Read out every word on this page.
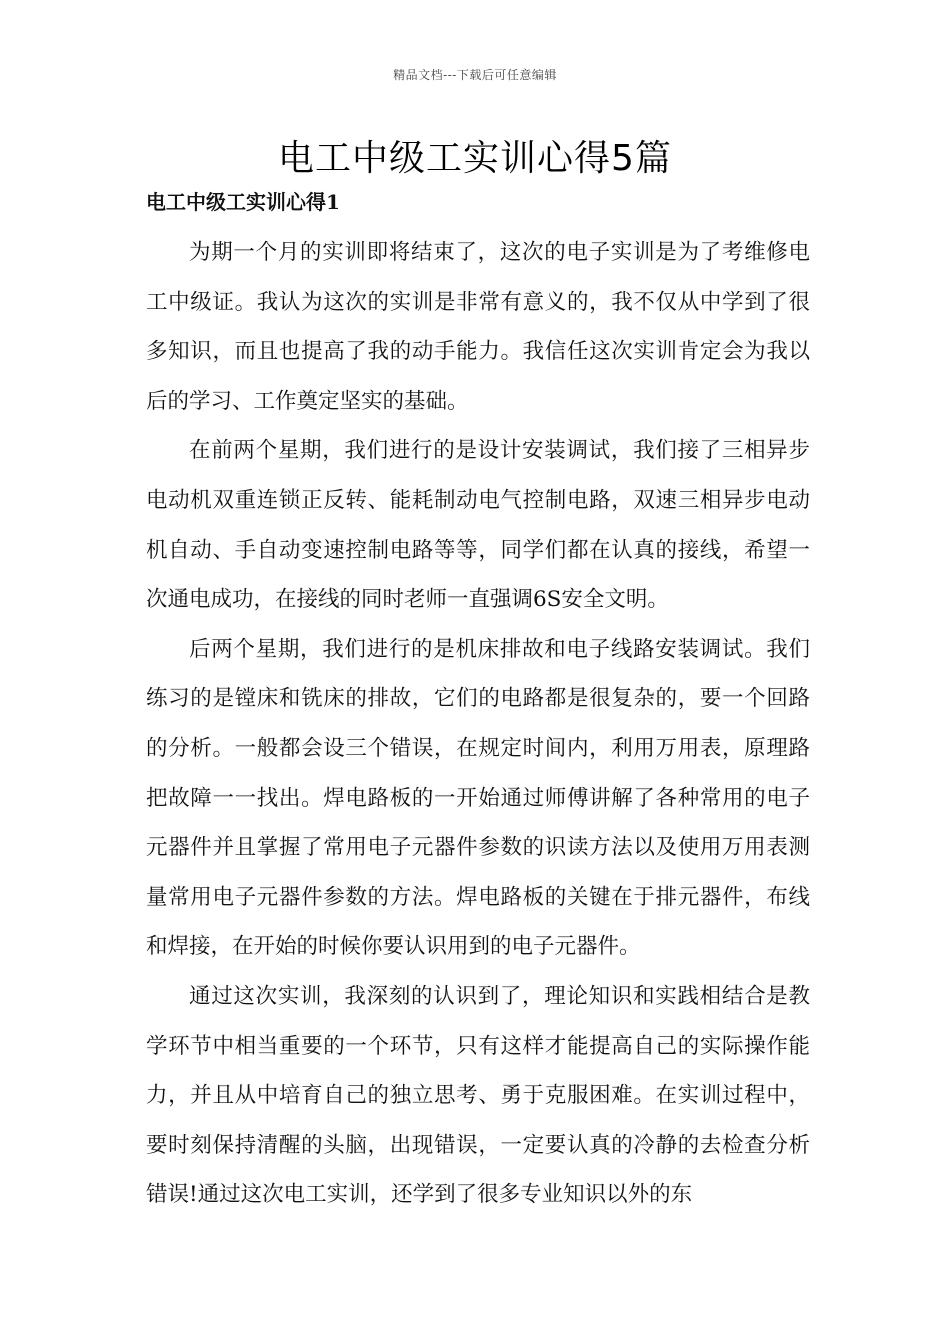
精品文档---下载后可任意编辑
电工中级工实训心得5篇
电工中级工实训心得1

为期一个月的实训即将结束了，这次的电子实训是为了考维修电工中级证。我认为这次的实训是非常有意义的，我不仅从中学到了很多知识，而且也提高了我的动手能力。我信任这次实训肯定会为我以后的学习、工作奠定坚实的基础。

在前两个星期，我们进行的是设计安装调试，我们接了三相异步电动机双重连锁正反转、能耗制动电气控制电路，双速三相异步电动机自动、手自动变速控制电路等等，同学们都在认真的接线，希望一次通电成功，在接线的同时老师一直强调6S安全文明。

后两个星期，我们进行的是机床排故和电子线路安装调试。我们练习的是镗床和铣床的排故，它们的电路都是很复杂的，要一个回路的分析。一般都会设三个错误，在规定时间内，利用万用表，原理路把故障一一找出。焊电路板的一开始通过师傅讲解了各种常用的电子元器件并且掌握了常用电子元器件参数的识读方法以及使用万用表测量常用电子元器件参数的方法。焊电路板的关键在于排元器件，布线和焊接，在开始的时候你要认识用到的电子元器件。

通过这次实训，我深刻的认识到了，理论知识和实践相结合是教学环节中相当重要的一个环节，只有这样才能提高自己的实际操作能力，并且从中培育自己的独立思考、勇于克服困难。在实训过程中，要时刻保持清醒的头脑，出现错误，一定要认真的冷静的去检查分析错误!通过这次电工实训，还学到了很多专业知识以外的东
